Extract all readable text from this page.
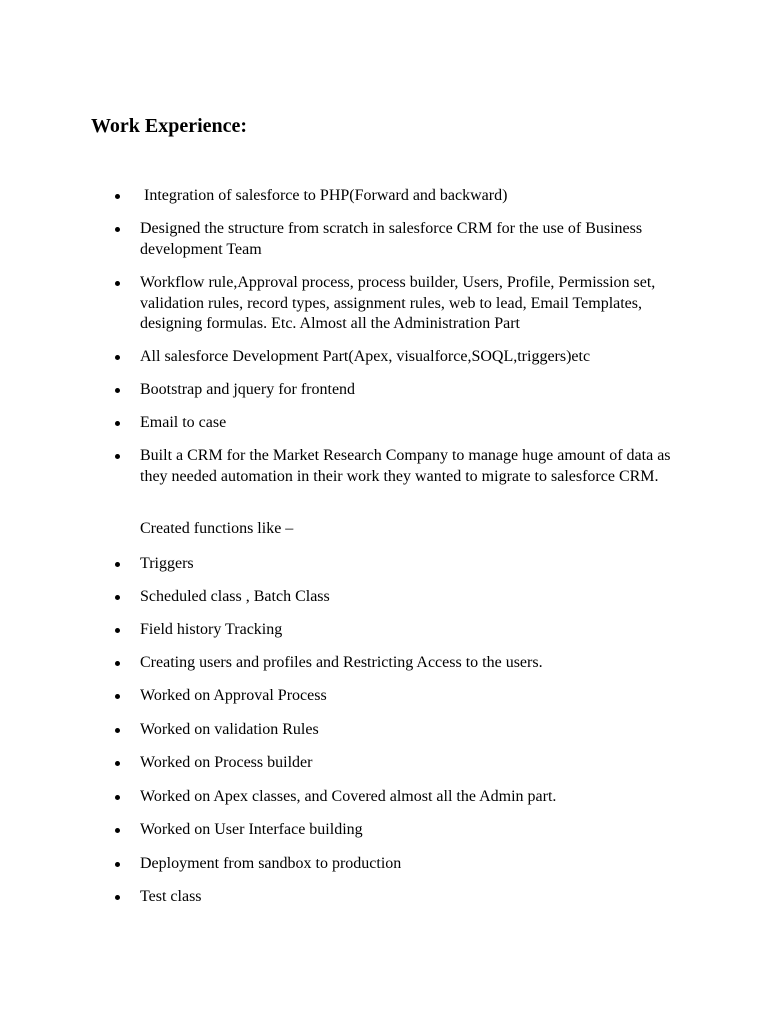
Work Experience:
Integration of salesforce to PHP(Forward and backward)
Designed the structure from scratch in salesforce CRM for the use of Business development Team
Workflow rule,Approval process, process builder, Users, Profile, Permission set, validation rules, record types, assignment rules, web to lead, Email Templates, designing formulas. Etc. Almost all the Administration Part
All salesforce Development Part(Apex, visualforce,SOQL,triggers)etc
Bootstrap and jquery for frontend
Email to case
Built a CRM for the Market Research Company to manage huge amount of data as they needed automation in their work they wanted to migrate to salesforce CRM.
Created functions like –
Triggers
Scheduled class , Batch Class
Field history Tracking
Creating users and profiles and Restricting Access to the users.
Worked on Approval Process
Worked on validation Rules
Worked on Process builder
Worked on Apex classes, and Covered almost all the Admin part.
Worked on User Interface building
Deployment from sandbox to production
Test class
